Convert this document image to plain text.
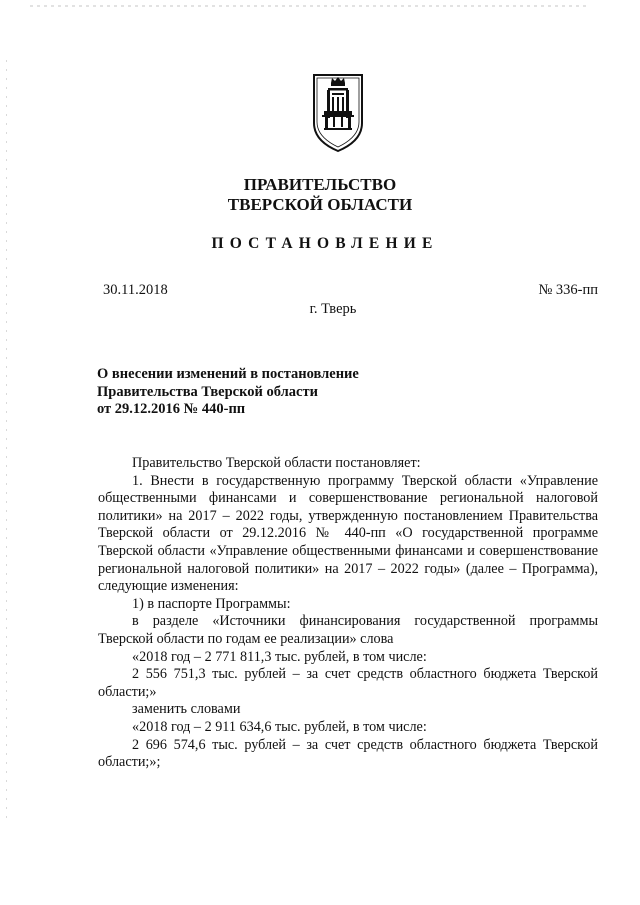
ПРАВИТЕЛЬСТВО
ТВЕРСКОЙ ОБЛАСТИ
ПОСТАНОВЛЕНИЕ
30.11.2018	№ 336-пп
г. Тверь
О внесении изменений в постановление
Правительства Тверской области
от 29.12.2016 № 440-пп

Правительство Тверской области постановляет:

1. Внести в государственную программу Тверской области «Управление общественными финансами и совершенствование региональной налоговой политики» на 2017 – 2022 годы, утвержденную постановлением Правительства Тверской области от 29.12.2016 № 440-пп «О государственной программе Тверской области «Управление общественными финансами и совершенствование региональной налоговой политики» на 2017 – 2022 годы» (далее – Программа), следующие изменения:

1) в паспорте Программы:

в разделе «Источники финансирования государственной программы Тверской области по годам ее реализации» слова

«2018 год – 2 771 811,3 тыс. рублей, в том числе:

2 556 751,3 тыс. рублей – за счет средств областного бюджета Тверской области;»

заменить словами

«2018 год – 2 911 634,6 тыс. рублей, в том числе:

2 696 574,6 тыс. рублей – за счет средств областного бюджета Тверской области;»;
